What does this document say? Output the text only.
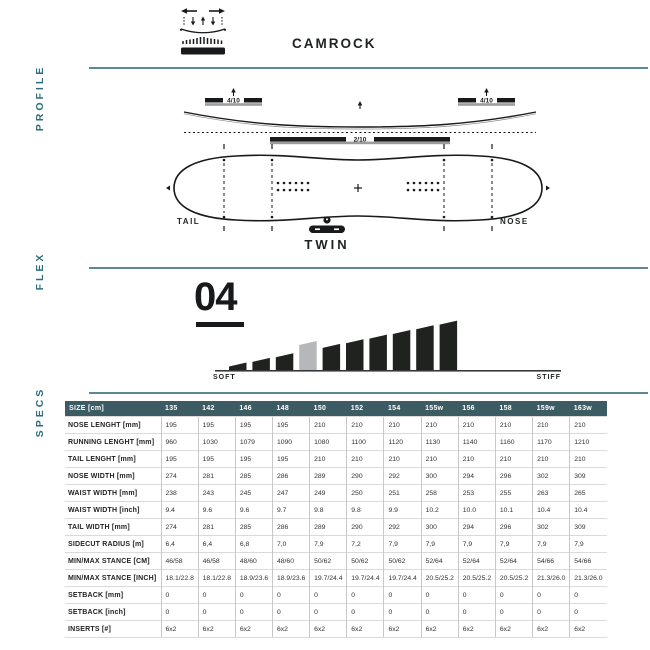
PROFILE
FLEX
SPECS
CAMROCK
4/10	4/10
2/10
TAIL	NOSE
TWIN
04
SOFT	STIFF
SIZE [cm]	135	142	146	148	150	152	154	155w	156	158	159w	163w
NOSE LENGHT [mm]	195	195	195	195	210	210	210	210	210	210	210	210
RUNNING LENGHT [mm]	960	1030	1079	1090	1080	1100	1120	1130	1140	1160	1170	1210
TAIL LENGHT [mm]	195	195	195	195	210	210	210	210	210	210	210	210
NOSE WIDTH [mm]	274	281	285	286	289	290	292	300	294	296	302	309
WAIST WIDTH [mm]	238	243	245	247	249	250	251	258	253	255	263	265
WAIST WIDTH [inch]	9.4	9.6	9.6	9.7	9.8	9.8	9.9	10.2	10.0	10.1	10.4	10.4
TAIL WIDTH [mm]	274	281	285	286	289	290	292	300	294	296	302	309
SIDECUT RADIUS [m]	6,4	6,4	6,8	7,0	7,9	7,2	7,9	7,9	7,9	7,9	7,9	7,9
MIN/MAX STANCE [CM]	46/58	46/58	48/60	48/60	50/62	50/62	50/62	52/64	52/64	52/64	54/66	54/66
MIN/MAX STANCE [INCH]	18.1/22.8	18.1/22.8	18.9/23.6	18.9/23.6	19.7/24.4	19.7/24.4	19.7/24.4	20.5/25.2	20.5/25.2	20.5/25.2	21.3/26.0	21.3/26.0
SETBACK [mm]	0	0	0	0	0	0	0	0	0	0	0	0
SETBACK [inch]	0	0	0	0	0	0	0	0	0	0	0	0
INSERTS [#]	6x2	6x2	6x2	6x2	6x2	6x2	6x2	6x2	6x2	6x2	6x2	6x2
